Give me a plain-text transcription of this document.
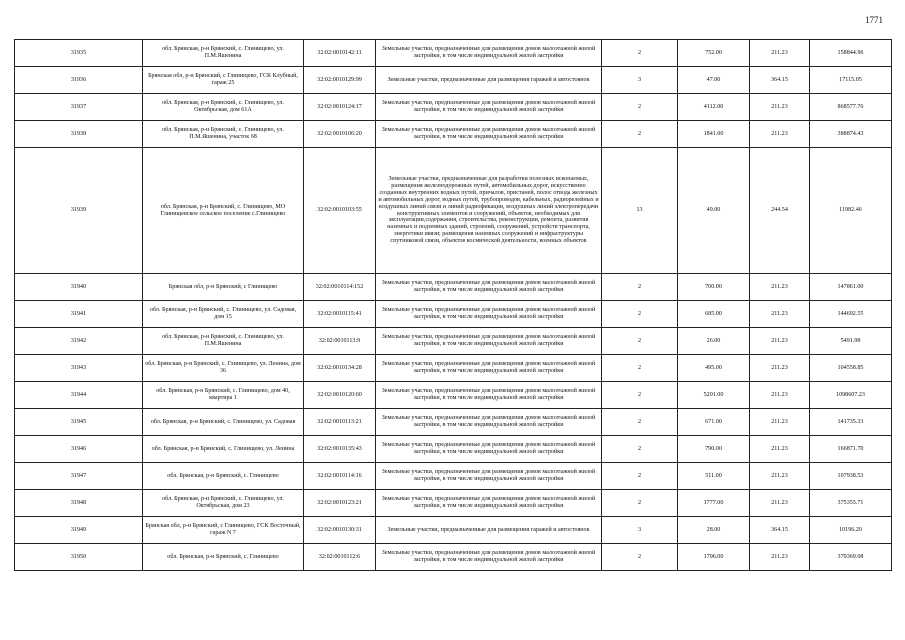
1771
31935	обл. Брянская, р-н Брянский, с. Глинищево, ул. П.М.Яшенина	32:02:0010142:11	Земельные участки, предназначенные для размещения домов малоэтажной жилой застройки, в том числе индивидуальной жилой застройки	2	752.00	211.23	158844.96
31936	Брянская обл, р-н Брянский, с Глинищево, ГСК Клубный, гараж 25	32:02:0010129:99	Земельные участки, предназначенные для размещения гаражей и автостоянок	3	47.00	364.15	17115.05
31937	обл. Брянская, р-н Брянский, с. Глинищево, ул. Октябрьская, дом 61А	32:02:0010124:17	Земельные участки, предназначенные для размещения домов малоэтажной жилой застройки, в том числе индивидуальной жилой застройки	2	4112.00	211.23	868577.76
31938	обл. Брянская, р-н Брянский, с. Глинищево, ул. П.М.Яшенина, участок 68	32:02:0010106:20	Земельные участки, предназначенные для размещения домов малоэтажной жилой застройки, в том числе индивидуальной жилой застройки	2	1841.00	211.23	388874.43
31939	обл. Брянская, р-н Брянский, с. Глинищево, МО Глинищевское сельское поселение с.Глинищево	32:02:0010103:55	Земельные участки, предназначенные для разработки полезных ископаемых, размещения железнодорожных путей, автомобильных дорог, искусственно созданных внутренних водных путей, причалов, пристаней, полос отвода железных и автомобильных дорог, водных путей, трубопроводов, кабельных, радиорелейных и воздушных линий связи и линий радиофикации, воздушных линий электропередачи конструктивных элементов и сооружений, объектов, необходимых для эксплуатации,содержания, строительства, реконструкции, ремонта, развития наземных и подземных зданий, строений, сооружений, устройств транспорта, энергетики ивязи; размещения наземных сооружений и инфраструктуры спутниковой связи, объектов космической деятельности, военных объектов	13	49.00	244.54	11982.46
31940	Брянская обл, р-н Брянский, с Глинищево	32:02:0010114:152	Земельные участки, предназначенные для размещения домов малоэтажной жилой застройки, в том числе индивидуальной жилой застройки	2	700.00	211.23	147861.00
31941	обл. Брянская, р-н Брянский, с. Глинищево, ул. Садовая, дом 15	32:02:0010115:41	Земельные участки, предназначенные для размещения домов малоэтажной жилой застройки, в том числе индивидуальной жилой застройки	2	685.00	211.23	144692.55
31942	обл. Брянская, р-н Брянский, с. Глинищево, ул. П.М.Яшенина	32:02:0010113:9	Земельные участки, предназначенные для размещения домов малоэтажной жилой застройки, в том числе индивидуальной жилой застройки	2	26.00	211.23	5491.98
31943	обл. Брянская, р-н Брянский, с. Глинищево, ул. Ленина, дом 36	32:02:0010134:28	Земельные участки, предназначенные для размещения домов малоэтажной жилой застройки, в том числе индивидуальной жилой застройки	2	495.00	211.23	104558.85
31944	обл. Брянская, р-н Брянский, с. Глинищево, дом 40, квартира 1	32:02:0010120:60	Земельные участки, предназначенные для размещения домов малоэтажной жилой застройки, в том числе индивидуальной жилой застройки	2	5201.00	211.23	1098607.23
31945	обл. Брянская, р-н Брянский, с. Глинищево, ул. Садовая	32:02:0010113:21	Земельные участки, предназначенные для размещения домов малоэтажной жилой застройки, в том числе индивидуальной жилой застройки	2	671.00	211.23	141735.33
31946	обл. Брянская, р-н Брянский, с. Глинищево, ул. Ленина	32:02:0010135:43	Земельные участки, предназначенные для размещения домов малоэтажной жилой застройки, в том числе индивидуальной жилой застройки	2	790.00	211.23	166871.70
31947	обл. Брянская, р-н Брянский, с. Глинищево	32:02:0010114:16	Земельные участки, предназначенные для размещения домов малоэтажной жилой застройки, в том числе индивидуальной жилой застройки	2	511.00	211.23	107938.53
31948	обл. Брянская, р-н Брянский, с. Глинищево, ул. Октябрьская, дом 23	32:02:0010123:21	Земельные участки, предназначенные для размещения домов малоэтажной жилой застройки, в том числе индивидуальной жилой застройки	2	1777.00	211.23	375355.71
31949	Брянская обл, р-н Брянский, с Глинищево, ГСК Восточный, гараж N 7	32:02:0010130:31	Земельные участки, предназначенные для размещения гаражей и автостоянок	3	28.00	364.15	10196.20
31950	обл. Брянская, р-н Брянский, с. Глинищево	32:02:0010112:6	Земельные участки, предназначенные для размещения домов малоэтажной жилой застройки, в том числе индивидуальной жилой застройки	2	1796.00	211.23	379369.08
